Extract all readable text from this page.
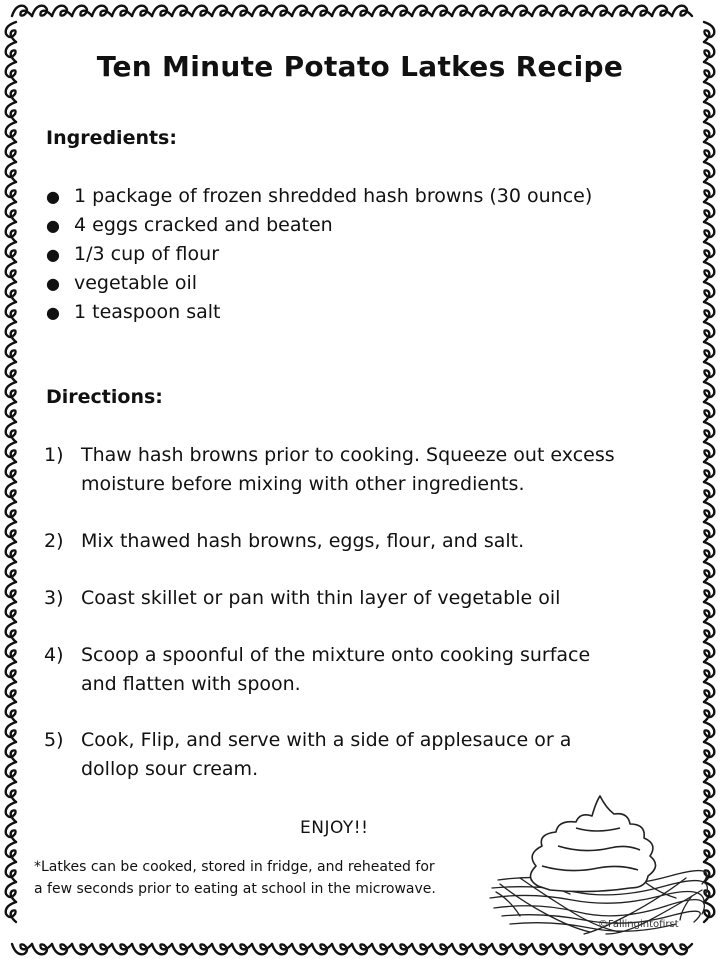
Ten Minute Potato Latkes Recipe
Ingredients:
● 1 package of frozen shredded hash browns (30 ounce)
● 4 eggs cracked and beaten
● 1/3 cup of flour
● vegetable oil
● 1 teaspoon salt
Directions:
1) Thaw hash browns prior to cooking. Squeeze out excess moisture before mixing with other ingredients.
2) Mix thawed hash browns, eggs, flour, and salt.
3) Coast skillet or pan with thin layer of vegetable oil
4) Scoop a spoonful of the mixture onto cooking surface and flatten with spoon.
5) Cook, Flip, and serve with a side of applesauce or a dollop sour cream.

ENJOY!!

*Latkes can be cooked, stored in fridge, and reheated for a few seconds prior to eating at school in the microwave.

©Fallingintofirst
